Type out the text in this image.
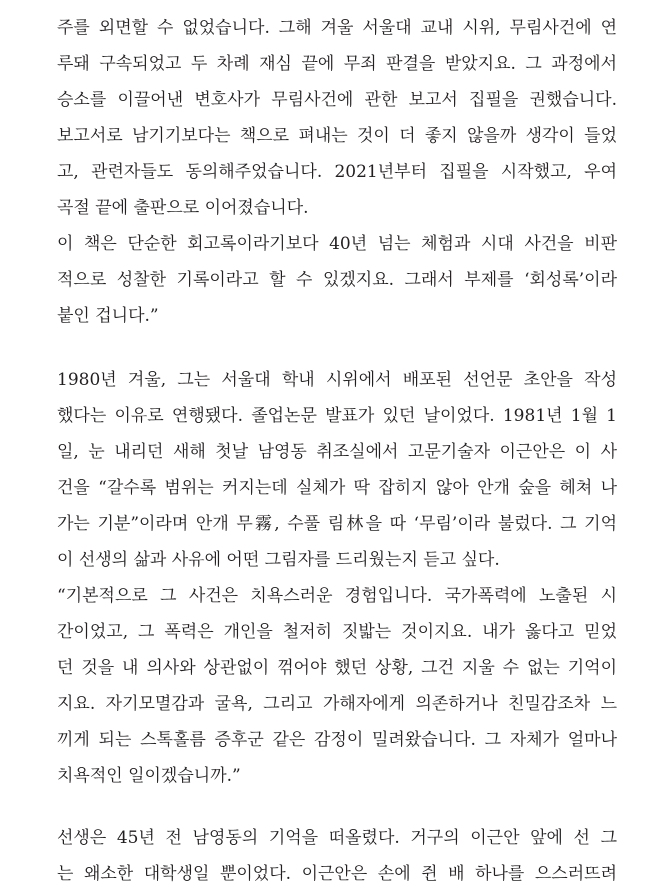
주를 외면할 수 없었습니다. 그해 겨울 서울대 교내 시위, 무림사건에 연
루돼 구속되었고 두 차례 재심 끝에 무죄 판결을 받았지요. 그 과정에서
승소를 이끌어낸 변호사가 무림사건에 관한 보고서 집필을 권했습니다.
보고서로 남기기보다는 책으로 펴내는 것이 더 좋지 않을까 생각이 들었
고, 관련자들도 동의해주었습니다. 2021년부터 집필을 시작했고, 우여
곡절 끝에 출판으로 이어졌습니다.
이 책은 단순한 회고록이라기보다 40년 넘는 체험과 시대 사건을 비판
적으로 성찰한 기록이라고 할 수 있겠지요. 그래서 부제를 ‘회성록’이라
붙인 겁니다.”
1980년 겨울, 그는 서울대 학내 시위에서 배포된 선언문 초안을 작성
했다는 이유로 연행됐다. 졸업논문 발표가 있던 날이었다. 1981년 1월 1
일, 눈 내리던 새해 첫날 남영동 취조실에서 고문기술자 이근안은 이 사
건을 “갈수록 범위는 커지는데 실체가 딱 잡히지 않아 안개 숲을 헤쳐 나
가는 기분”이라며 안개 무霧, 수풀 림林을 따 ‘무림’이라 불렀다. 그 기억
이 선생의 삶과 사유에 어떤 그림자를 드리웠는지 듣고 싶다.
“기본적으로 그 사건은 치욕스러운 경험입니다. 국가폭력에 노출된 시
간이었고, 그 폭력은 개인을 철저히 짓밟는 것이지요. 내가 옳다고 믿었
던 것을 내 의사와 상관없이 꺾어야 했던 상황, 그건 지울 수 없는 기억이
지요. 자기모멸감과 굴욕, 그리고 가해자에게 의존하거나 친밀감조차 느
끼게 되는 스톡홀름 증후군 같은 감정이 밀려왔습니다. 그 자체가 얼마나
치욕적인 일이겠습니까.”
선생은 45년 전 남영동의 기억을 떠올렸다. 거구의 이근안 앞에 선 그
는 왜소한 대학생일 뿐이었다. 이근안은 손에 쥔 배 하나를 으스러뜨려
